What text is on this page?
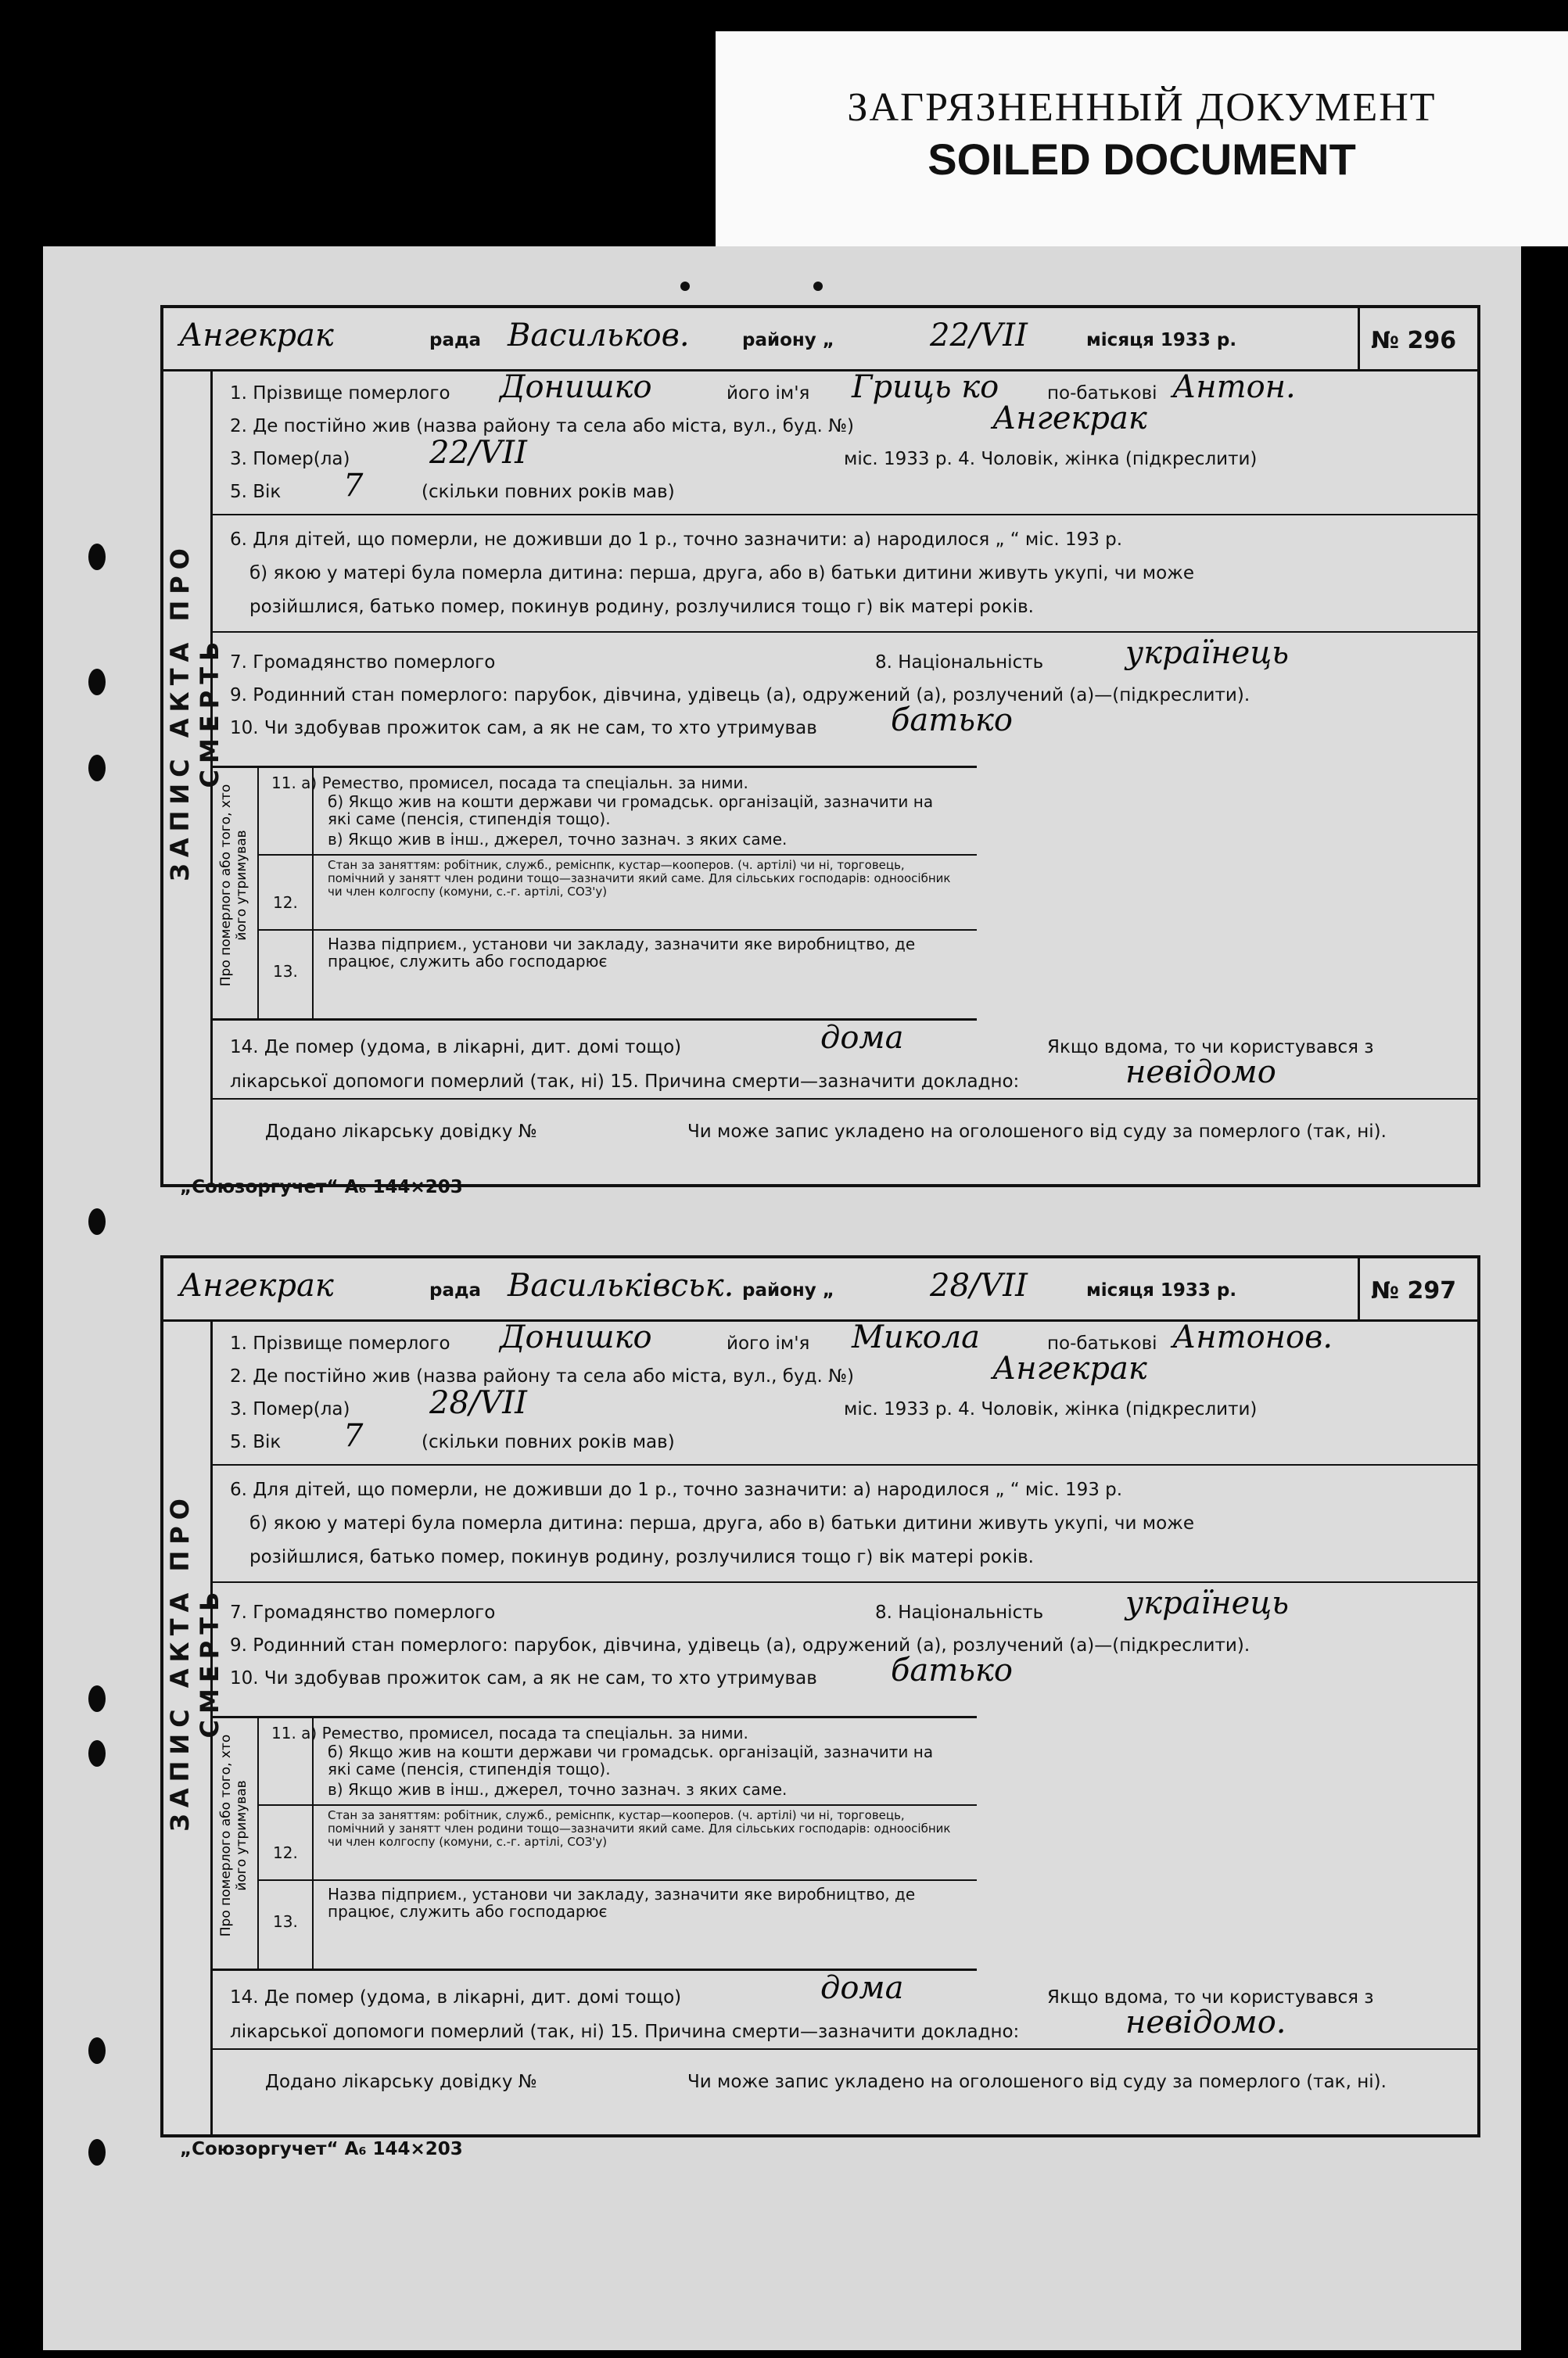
ЗАГРЯЗНЕННЫЙ ДОКУМЕНТ
SOILED DOCUMENT
Ангекрак	рада Васильков.	району „	22/VII	місяця 1933 р.	№ 296
ЗАПИС АКТА ПРО СМЕРТЬ
1. Прізвище померлого Донишко	його ім'я Гриць ко	по-батькові Антон.
2. Де постійно жив (назва району та села або міста, вул., буд. №)	Ангекрак
3. Помер(ла)	22/VII	міс. 1933 р. 4. Чоловік, жінка (підкреслити)
5. Вік 7	(скільки повних років мав)
6. Для дітей, що померли, не доживши до 1 р., точно зазначити: а) народилося „ “ міс. 193 р.
б) якою у матері була померла дитина: перша, друга, або в) батьки дитини живуть укупі, чи може
розійшлися, батько помер, покинув родину, розлучилися тощо г) вік матері років.
7. Громадянство померлого	8. Національність	українець
9. Родинний стан померлого: парубок, дівчина, удівець (а), одружений (а), розлучений (а)—(підкреслити).
10. Чи здобував прожиток сам, а як не сам, то хто утримував батько
Про померлого або того, хто його утримував
11. а) Ремество, промисел, посада та спеціальн. за ними.
б) Якщо жив на кошти держави чи громадськ. організацій, зазначити на які саме (пенсія, стипендія тощо).
в) Якщо жив в інш., джерел, точно зазнач. з яких саме.
12.
Стан за заняттям: робітник, служб., реміснпк, кустар—кооперов. (ч. артілі) чи ні, торговець, помічний у занятт член родини тощо—зазначити який саме. Для сільських господарів: одноосібник чи член колгоспу (комуни, с.-г. артілі, СОЗ'у)
13.
Назва підприєм., установи чи закладу, зазначити яке виробництво, де працює, служить або господарює
14. Де помер (удома, в лікарні, дит. домі тощо)	дома	Якщо вдома, то чи користувався з
лікарської допомоги померлий (так, ні) 15. Причина смерти—зазначити докладно:	невідомо
Додано лікарську довідку №	Чи може запис укладено на оголошеного від суду за померлого (так, ні).
„Союзоргучет“ А₆ 144×203
Ангекрак	рада Васильківськ. району „	28/VII	місяця 1933 р.	№ 297
ЗАПИС АКТА ПРО СМЕРТЬ
1. Прізвище померлого Донишко	його ім'я Микола	по-батькові Антонов.
2. Де постійно жив (назва району та села або міста, вул., буд. №)	Ангекрак
3. Помер(ла)	28/VII	міс. 1933 р. 4. Чоловік, жінка (підкреслити)
5. Вік 7	(скільки повних років мав)
6. Для дітей, що померли, не доживши до 1 р., точно зазначити: а) народилося „ “ міс. 193 р.
б) якою у матері була померла дитина: перша, друга, або в) батьки дитини живуть укупі, чи може
розійшлися, батько помер, покинув родину, розлучилися тощо г) вік матері років.
7. Громадянство померлого	8. Національність	українець
9. Родинний стан померлого: парубок, дівчина, удівець (а), одружений (а), розлучений (а)—(підкреслити).
10. Чи здобував прожиток сам, а як не сам, то хто утримував батько
Про померлого або того, хто його утримував
11. а) Ремество, промисел, посада та спеціальн. за ними.
б) Якщо жив на кошти держави чи громадськ. організацій, зазначити на які саме (пенсія, стипендія тощо).
в) Якщо жив в інш., джерел, точно зазнач. з яких саме.
12.
Стан за заняттям: робітник, служб., реміснпк, кустар—кооперов. (ч. артілі) чи ні, торговець, помічний у занятт член родини тощо—зазначити який саме. Для сільських господарів: одноосібник чи член колгоспу (комуни, с.-г. артілі, СОЗ'у)
13.
Назва підприєм., установи чи закладу, зазначити яке виробництво, де працює, служить або господарює
14. Де помер (удома, в лікарні, дит. домі тощо)	дома	Якщо вдома, то чи користувався з
лікарської допомоги померлий (так, ні) 15. Причина смерти—зазначити докладно:	невідомо.
Додано лікарську довідку №	Чи може запис укладено на оголошеного від суду за померлого (так, ні).
„Союзоргучет“ А₆ 144×203
